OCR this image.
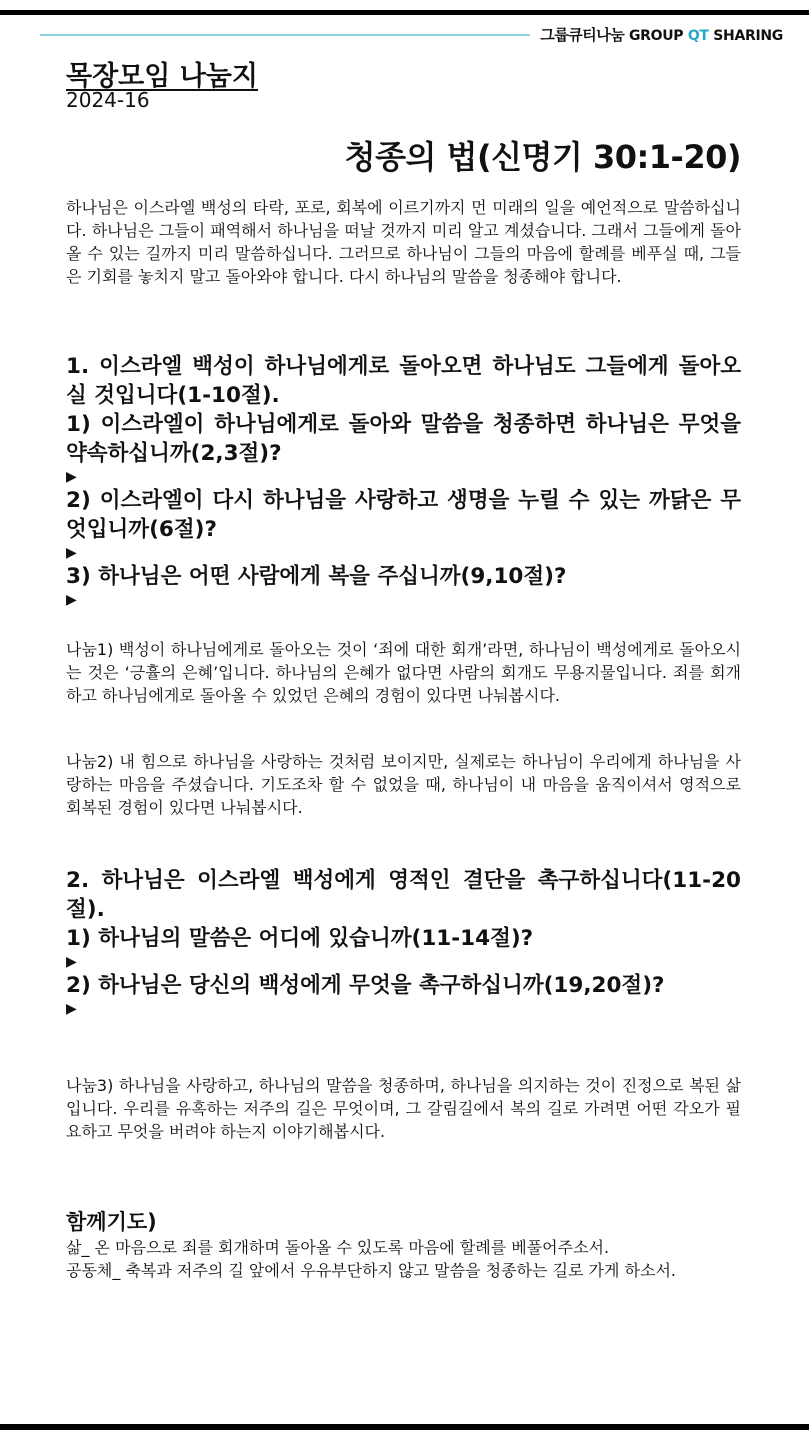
그룹큐티나눔 GROUP QT SHARING
목장모임 나눔지
2024-16
청종의 법(신명기 30:1-20)

하나님은 이스라엘 백성의 타락, 포로, 회복에 이르기까지 먼 미래의 일을 예언적으로 말씀하십니다. 하나님은 그들이 패역해서 하나님을 떠날 것까지 미리 알고 계셨습니다. 그래서 그들에게 돌아올 수 있는 길까지 미리 말씀하십니다. 그러므로 하나님이 그들의 마음에 할례를 베푸실 때, 그들은 기회를 놓치지 말고 돌아와야 합니다. 다시 하나님의 말씀을 청종해야 합니다.

1. 이스라엘 백성이 하나님에게로 돌아오면 하나님도 그들에게 돌아오실 것입니다(1-10절).

1) 이스라엘이 하나님에게로 돌아와 말씀을 청종하면 하나님은 무엇을 약속하십니까(2,3절)?

▶

2) 이스라엘이 다시 하나님을 사랑하고 생명을 누릴 수 있는 까닭은 무엇입니까(6절)?

▶

3) 하나님은 어떤 사람에게 복을 주십니까(9,10절)?

▶

나눔1) 백성이 하나님에게로 돌아오는 것이 ‘죄에 대한 회개’라면, 하나님이 백성에게로 돌아오시는 것은 ‘긍휼의 은혜’입니다. 하나님의 은혜가 없다면 사람의 회개도 무용지물입니다. 죄를 회개하고 하나님에게로 돌아올 수 있었던 은혜의 경험이 있다면 나눠봅시다.

나눔2) 내 힘으로 하나님을 사랑하는 것처럼 보이지만, 실제로는 하나님이 우리에게 하나님을 사랑하는 마음을 주셨습니다. 기도조차 할 수 없었을 때, 하나님이 내 마음을 움직이셔서 영적으로 회복된 경험이 있다면 나눠봅시다.

2. 하나님은 이스라엘 백성에게 영적인 결단을 촉구하십니다(11-20절).

1) 하나님의 말씀은 어디에 있습니까(11-14절)?

▶

2) 하나님은 당신의 백성에게 무엇을 촉구하십니까(19,20절)?

▶

나눔3) 하나님을 사랑하고, 하나님의 말씀을 청종하며, 하나님을 의지하는 것이 진정으로 복된 삶입니다. 우리를 유혹하는 저주의 길은 무엇이며, 그 갈림길에서 복의 길로 가려면 어떤 각오가 필요하고 무엇을 버려야 하는지 이야기해봅시다.

함께기도)

삶_ 온 마음으로 죄를 회개하며 돌아올 수 있도록 마음에 할례를 베풀어주소서.

공동체_ 축복과 저주의 길 앞에서 우유부단하지 않고 말씀을 청종하는 길로 가게 하소서.
